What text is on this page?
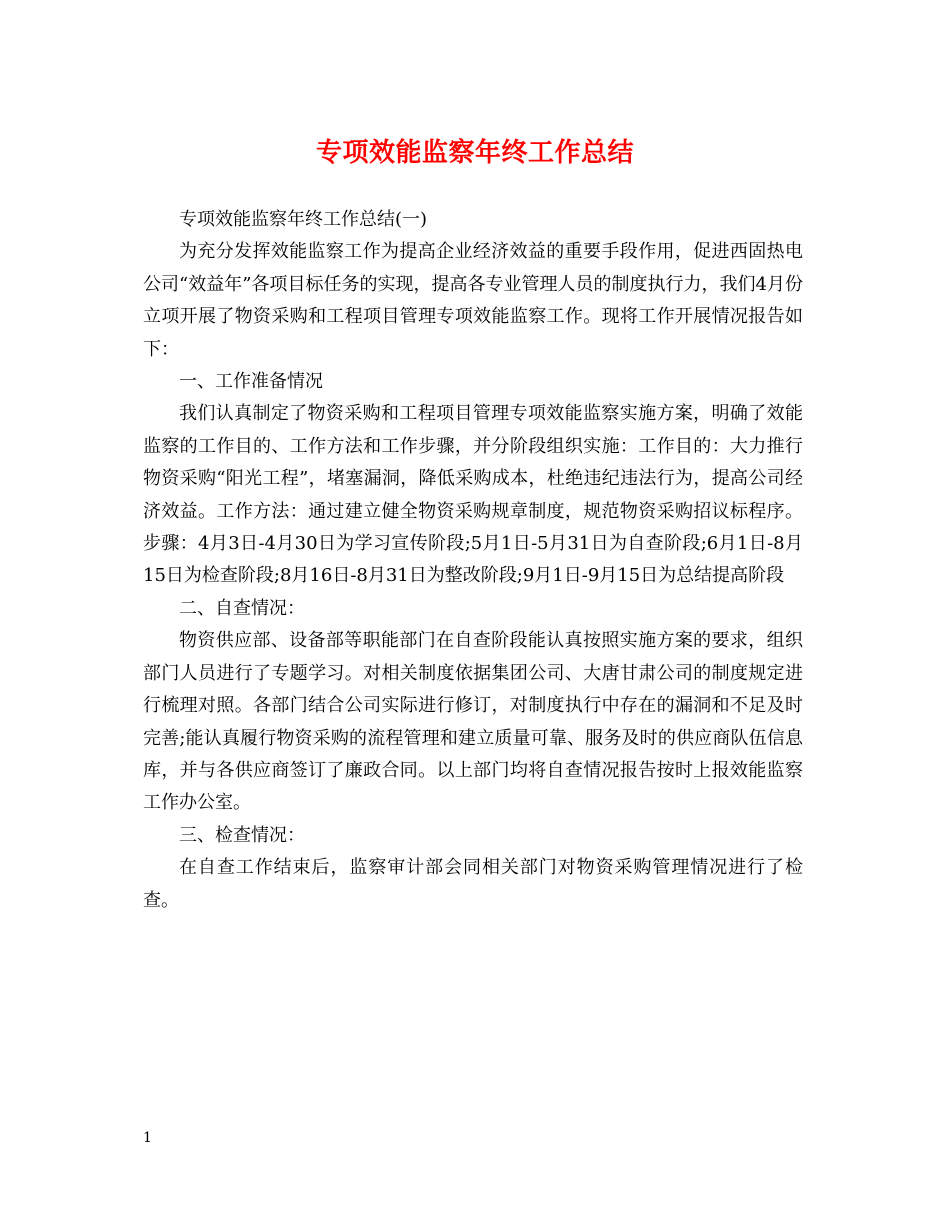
专项效能监察年终工作总结

专项效能监察年终工作总结(一)

为充分发挥效能监察工作为提高企业经济效益的重要手段作用，促进西固热电公司“效益年”各项目标任务的实现，提高各专业管理人员的制度执行力，我们4月份立项开展了物资采购和工程项目管理专项效能监察工作。现将工作开展情况报告如下：

一、工作准备情况

我们认真制定了物资采购和工程项目管理专项效能监察实施方案，明确了效能监察的工作目的、工作方法和工作步骤，并分阶段组织实施：工作目的：大力推行物资采购“阳光工程”，堵塞漏洞，降低采购成本，杜绝违纪违法行为，提高公司经济效益。工作方法：通过建立健全物资采购规章制度，规范物资采购招议标程序。步骤：4月3日-4月30日为学习宣传阶段;5月1日-5月31日为自查阶段;6月1日-8月15日为检查阶段;8月16日-8月31日为整改阶段;9月1日-9月15日为总结提高阶段

二、自查情况：

物资供应部、设备部等职能部门在自查阶段能认真按照实施方案的要求，组织部门人员进行了专题学习。对相关制度依据集团公司、大唐甘肃公司的制度规定进行梳理对照。各部门结合公司实际进行修订，对制度执行中存在的漏洞和不足及时完善;能认真履行物资采购的流程管理和建立质量可靠、服务及时的供应商队伍信息库，并与各供应商签订了廉政合同。以上部门均将自查情况报告按时上报效能监察工作办公室。

三、检查情况：

在自查工作结束后，监察审计部会同相关部门对物资采购管理情况进行了检查。

1
